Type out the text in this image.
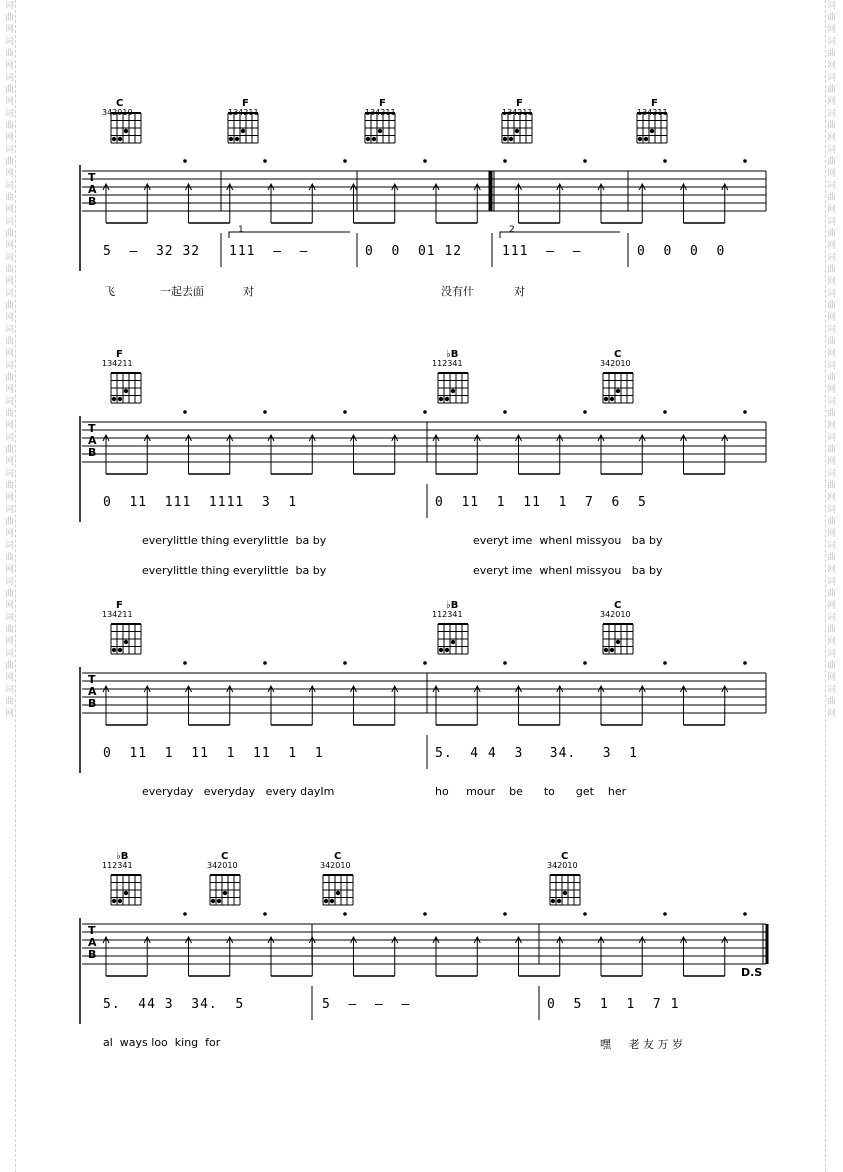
词曲网词曲网词曲网词曲网词曲网词曲网词曲网词曲网词曲网词曲网词曲网词曲网词曲网词曲网词曲网词曲网词曲网词曲网词曲网词曲网
词曲网词曲网词曲网词曲网词曲网词曲网词曲网词曲网词曲网词曲网词曲网词曲网词曲网词曲网词曲网词曲网词曲网词曲网词曲网词曲网
C
342010
F
134211
F
134211
F
134211
F
134211
T
A
B
5  –  32 32 111  –  –	0  0  01 12	111  –  –	0  0  0  0
1	2
飞	一起去面	对	没有什	对
F
134211
♭B
112341
C
342010
T
A
B
0  11  111  1111  3  1	0  11  1  11  1  7  6  5
everylittle thing everylittle  ba by	everyt ime  whenI missyou   ba by
everylittle thing everylittle  ba by	everyt ime  whenI missyou   ba by
F
134211
♭B
112341
C
342010
T
A
B
0  11  1  11  1  11  1  1	5.  4 4  3   34.   3  1
everyday   everyday   every dayIm	ho     mour    be      to      get    her
♭B
112341
C
342010
C
342010
C
342010
T
A
B
D.S
5.  44 3  34.  5	5  –  –  –	0  5  1  1  7 1
al  ways loo  king  for	嘿     老 友 万 岁
